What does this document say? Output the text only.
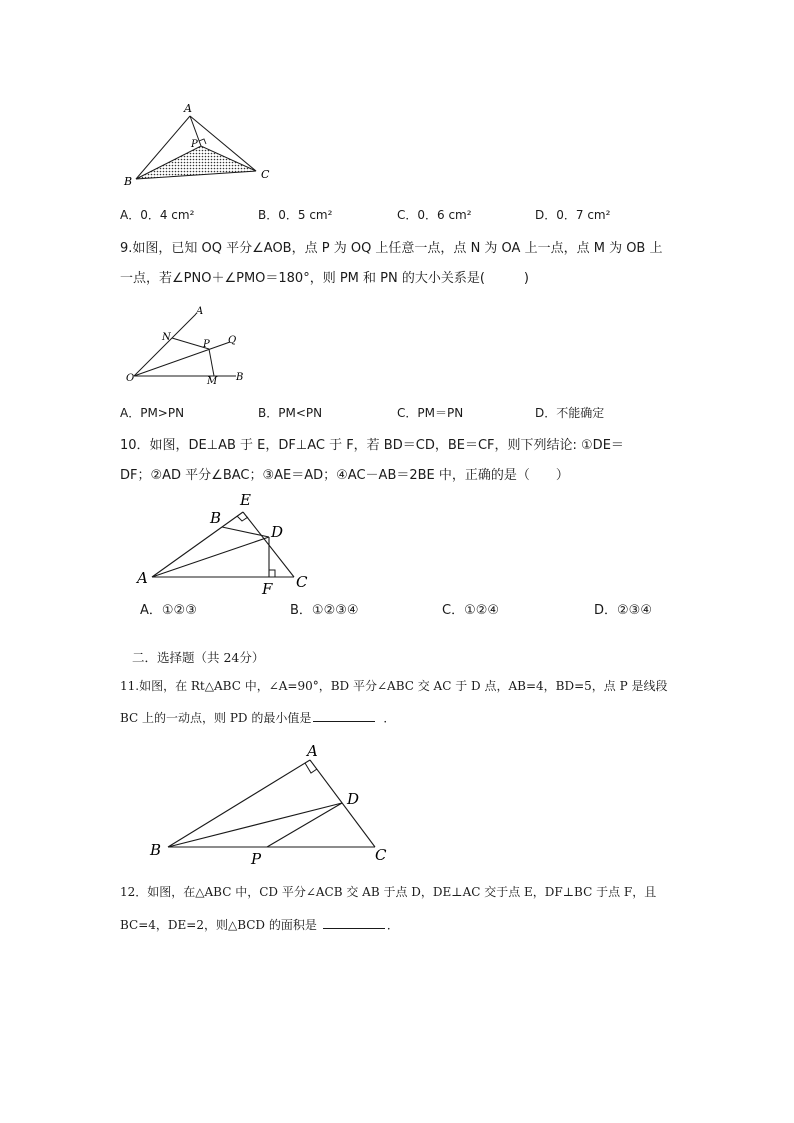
A
P
B
C
A．0．4 cm²	B．0．5 cm²	C．0．6 cm²	D．0．7 cm²
9.如图，已知 OQ 平分∠AOB，点 P 为 OQ 上任意一点，点 N 为 OA 上一点，点 M 为 OB 上
一点，若∠PNO＋∠PMO＝180°，则 PM 和 PN 的大小关系是(　　　)
A
N
P Q
O	M B
A．PM>PN	B．PM<PN	C．PM＝PN	D．不能确定
10．如图，DE⊥AB 于 E，DF⊥AC 于 F，若 BD＝CD，BE＝CF，则下列结论: ①DE＝
DF；②AD 平分∠BAC；③AE＝AD；④AC－AB＝2BE 中，正确的是（　　）
E
B
D
A
F C
A．①②③	B．①②③④	C．①②④	D．②③④
二．选择题（共 24分）
11.如图，在 Rt△ABC 中，∠A=90°，BD 平分∠ABC 交 AC 于 D 点，AB=4，BD=5，点 P 是线段
BC 上的一动点，则 PD 的最小值是	．
A
D
B	P	C
12．如图，在△ABC 中，CD 平分∠ACB 交 AB 于点 D，DE⊥AC 交于点 E，DF⊥BC 于点 F，且
BC=4，DE=2，则△BCD 的面积是	．
